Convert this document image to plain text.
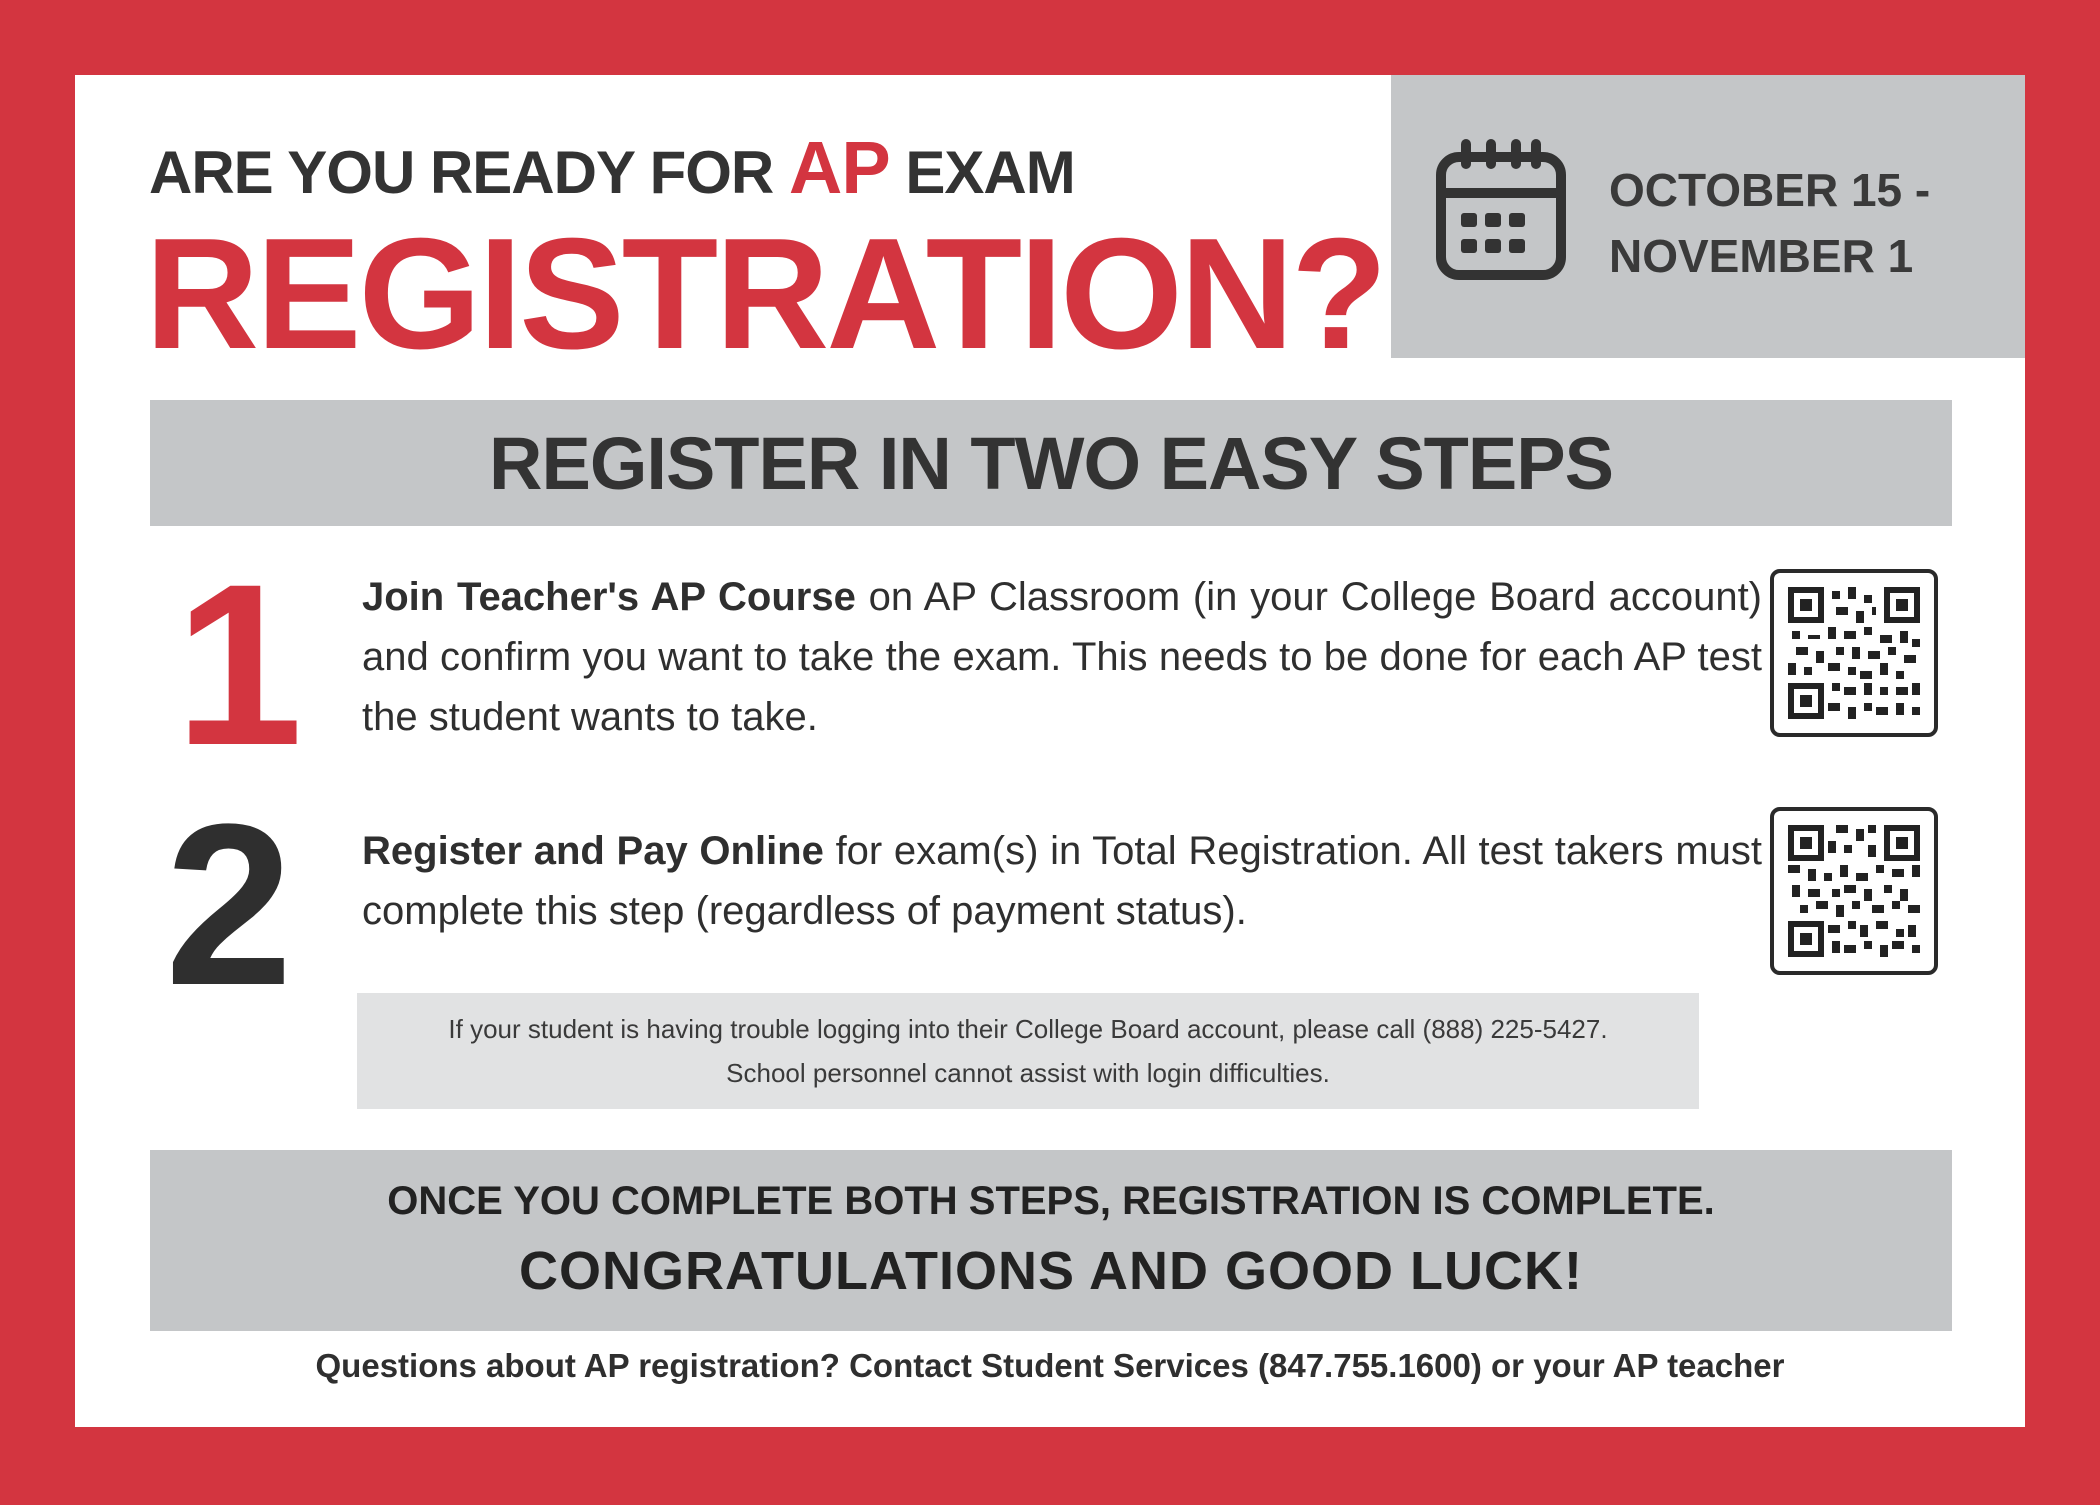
ARE YOU READY FOR AP EXAM
REGISTRATION?
OCTOBER 15 -
NOVEMBER 1
REGISTER IN TWO EASY STEPS
1 Join Teacher's AP Course on AP Classroom (in your College Board account) and confirm you want to take the exam. This needs to be done for each AP test the student wants to take.
2 Register and Pay Online for exam(s) in Total Registration. All test takers must complete this step (regardless of payment status).
If your student is having trouble logging into their College Board account, please call (888) 225-5427.
School personnel cannot assist with login difficulties.
ONCE YOU COMPLETE BOTH STEPS, REGISTRATION IS COMPLETE.
CONGRATULATIONS AND GOOD LUCK!
Questions about AP registration? Contact Student Services (847.755.1600) or your AP teacher
